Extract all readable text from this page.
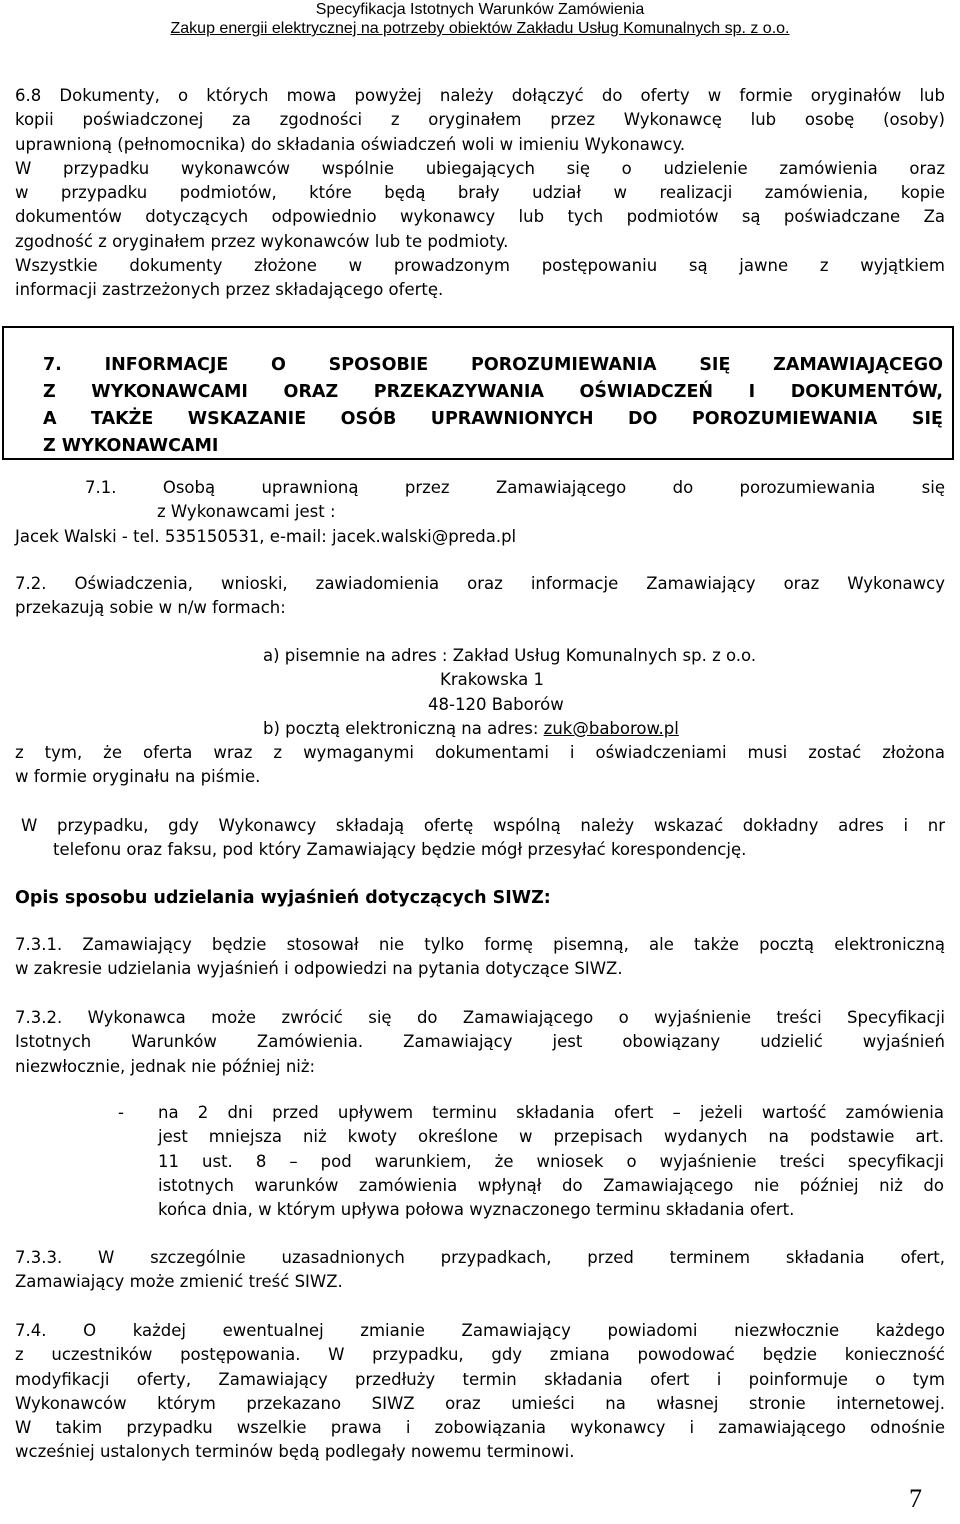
Specyfikacja Istotnych Warunków Zamówienia
Zakup energii elektrycznej na potrzeby obiektów Zakładu Usług Komunalnych sp. z o.o.
6.8 Dokumenty, o których mowa powyżej należy dołączyć do oferty w formie oryginałów lub
kopii poświadczonej za zgodności z oryginałem przez Wykonawcę lub osobę (osoby)
uprawnioną (pełnomocnika) do składania oświadczeń woli w imieniu Wykonawcy.
W przypadku wykonawców wspólnie ubiegających się o udzielenie zamówienia oraz
w przypadku podmiotów, które będą brały udział w realizacji zamówienia, kopie
dokumentów dotyczących odpowiednio wykonawcy lub tych podmiotów są poświadczane Za
zgodność z oryginałem przez wykonawców lub te podmioty.
Wszystkie dokumenty złożone w prowadzonym postępowaniu są jawne z wyjątkiem
informacji zastrzeżonych przez składającego ofertę.
7. INFORMACJE O SPOSOBIE POROZUMIEWANIA SIĘ ZAMAWIAJĄCEGO
Z WYKONAWCAMI ORAZ PRZEKAZYWANIA OŚWIADCZEŃ I DOKUMENTÓW,
A TAKŻE WSKAZANIE OSÓB UPRAWNIONYCH DO POROZUMIEWANIA SIĘ
Z WYKONAWCAMI
7.1. Osobą uprawnioną przez Zamawiającego do porozumiewania się
z Wykonawcami jest :
Jacek Walski - tel. 535150531, e-mail: jacek.walski@preda.pl
7.2. Oświadczenia, wnioski, zawiadomienia oraz informacje Zamawiający oraz Wykonawcy
przekazują sobie w n/w formach:
a) pisemnie na adres : Zakład Usług Komunalnych sp. z o.o.
Krakowska 1
48-120 Baborów
b) pocztą elektroniczną na adres: zuk@baborow.pl
z tym, że oferta wraz z wymaganymi dokumentami i oświadczeniami musi zostać złożona
w formie oryginału na piśmie.
W przypadku, gdy Wykonawcy składają ofertę wspólną należy wskazać dokładny adres i nr
telefonu oraz faksu, pod który Zamawiający będzie mógł przesyłać korespondencję.
Opis sposobu udzielania wyjaśnień dotyczących SIWZ:
7.3.1. Zamawiający będzie stosował nie tylko formę pisemną, ale także pocztą elektroniczną
w zakresie udzielania wyjaśnień i odpowiedzi na pytania dotyczące SIWZ.
7.3.2. Wykonawca może zwrócić się do Zamawiającego o wyjaśnienie treści Specyfikacji
Istotnych Warunków Zamówienia. Zamawiający jest obowiązany udzielić wyjaśnień
niezwłocznie, jednak nie później niż:
-	na 2 dni przed upływem terminu składania ofert – jeżeli wartość zamówienia
jest mniejsza niż kwoty określone w przepisach wydanych na podstawie art.
11 ust. 8 – pod warunkiem, że wniosek o wyjaśnienie treści specyfikacji
istotnych warunków zamówienia wpłynął do Zamawiającego nie później niż do
końca dnia, w którym upływa połowa wyznaczonego terminu składania ofert.
7.3.3. W szczególnie uzasadnionych przypadkach, przed terminem składania ofert,
Zamawiający może zmienić treść SIWZ.
7.4. O każdej ewentualnej zmianie Zamawiający powiadomi niezwłocznie każdego
z uczestników postępowania. W przypadku, gdy zmiana powodować będzie konieczność
modyfikacji oferty, Zamawiający przedłuży termin składania ofert i poinformuje o tym
Wykonawców którym przekazano SIWZ oraz umieści na własnej stronie internetowej.
W takim przypadku wszelkie prawa i zobowiązania wykonawcy i zamawiającego odnośnie
wcześniej ustalonych terminów będą podlegały nowemu terminowi.
7
